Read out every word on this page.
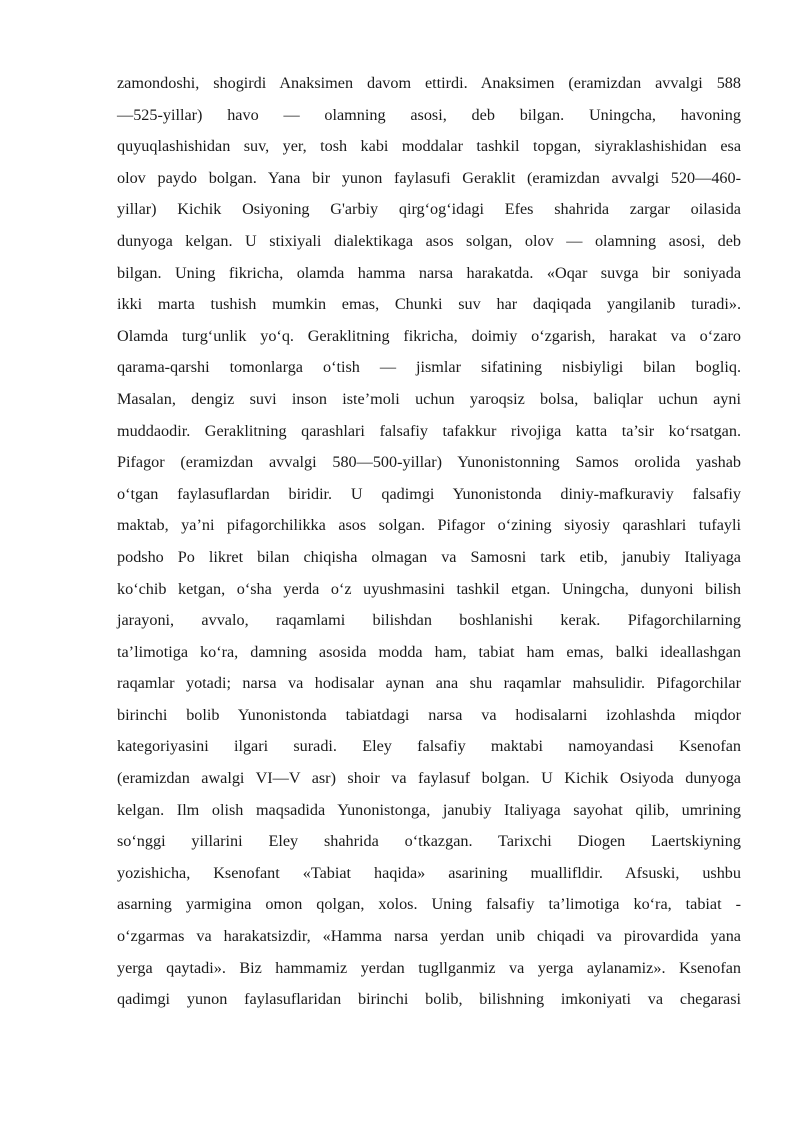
zamondoshi, shogirdi Anaksimen davom ettirdi. Anaksimen (eramizdan avvalgi 588
—525-yillar) havo — olamning asosi, deb bilgan. Uningcha, havoning
quyuqlashishidan suv, yer, tosh kabi moddalar tashkil topgan, siyraklashishidan esa
olov paydo bolgan. Yana bir yunon faylasufi Geraklit (eramizdan avvalgi 520—460-
yillar) Kichik Osiyoning G'arbiy qirg‘og‘idagi Efes shahrida zargar oilasida
dunyoga kelgan. U stixiyali dialektikaga asos solgan, olov — olamning asosi, deb
bilgan. Uning fikricha, olamda hamma narsa harakatda. «Oqar suvga bir soniyada
ikki marta tushish mumkin emas, Chunki suv har daqiqada yangilanib turadi».
Olamda turg‘unlik yo‘q. Geraklitning fikricha, doimiy o‘zgarish, harakat va o‘zaro
qarama-qarshi tomonlarga o‘tish — jismlar sifatining nisbiyligi bilan bogliq.
Masalan, dengiz suvi inson iste’moli uchun yaroqsiz bolsa, baliqlar uchun ayni
muddaodir. Geraklitning qarashlari falsafiy tafakkur rivojiga katta ta’sir ko‘rsatgan.
Pifagor (eramizdan avvalgi 580—500-yillar) Yunonistonning Samos orolida yashab
o‘tgan faylasuflardan biridir. U qadimgi Yunonistonda diniy-mafkuraviy falsafiy
maktab, ya’ni pifagorchilikka asos solgan. Pifagor o‘zining siyosiy qarashlari tufayli
podsho Po likret bilan chiqisha olmagan va Samosni tark etib, janubiy Italiyaga
ko‘chib ketgan, o‘sha yerda o‘z uyushmasini tashkil etgan. Uningcha, dunyoni bilish
jarayoni, avvalo, raqamlami bilishdan boshlanishi kerak. Pifagorchilarning
ta’limotiga ko‘ra, damning asosida modda ham, tabiat ham emas, balki ideallashgan
raqamlar yotadi; narsa va hodisalar aynan ana shu raqamlar mahsulidir. Pifagorchilar
birinchi bolib Yunonistonda tabiatdagi narsa va hodisalarni izohlashda miqdor
kategoriyasini ilgari suradi. Eley falsafiy maktabi namoyandasi Ksenofan
(eramizdan awalgi VI—V asr) shoir va faylasuf bolgan. U Kichik Osiyoda dunyoga
kelgan. Ilm olish maqsadida Yunonistonga, janubiy Italiyaga sayohat qilib, umrining
so‘nggi yillarini Eley shahrida o‘tkazgan. Tarixchi Diogen Laertskiyning
yozishicha, Ksenofant «Tabiat haqida» asarining muallifldir. Afsuski, ushbu
asarning yarmigina omon qolgan, xolos. Uning falsafiy ta’limotiga ko‘ra, tabiat -
o‘zgarmas va harakatsizdir, «Hamma narsa yerdan unib chiqadi va pirovardida yana
yerga qaytadi». Biz hammamiz yerdan tugllganmiz va yerga aylanamiz». Ksenofan
qadimgi yunon faylasuflaridan birinchi bolib, bilishning imkoniyati va chegarasi
